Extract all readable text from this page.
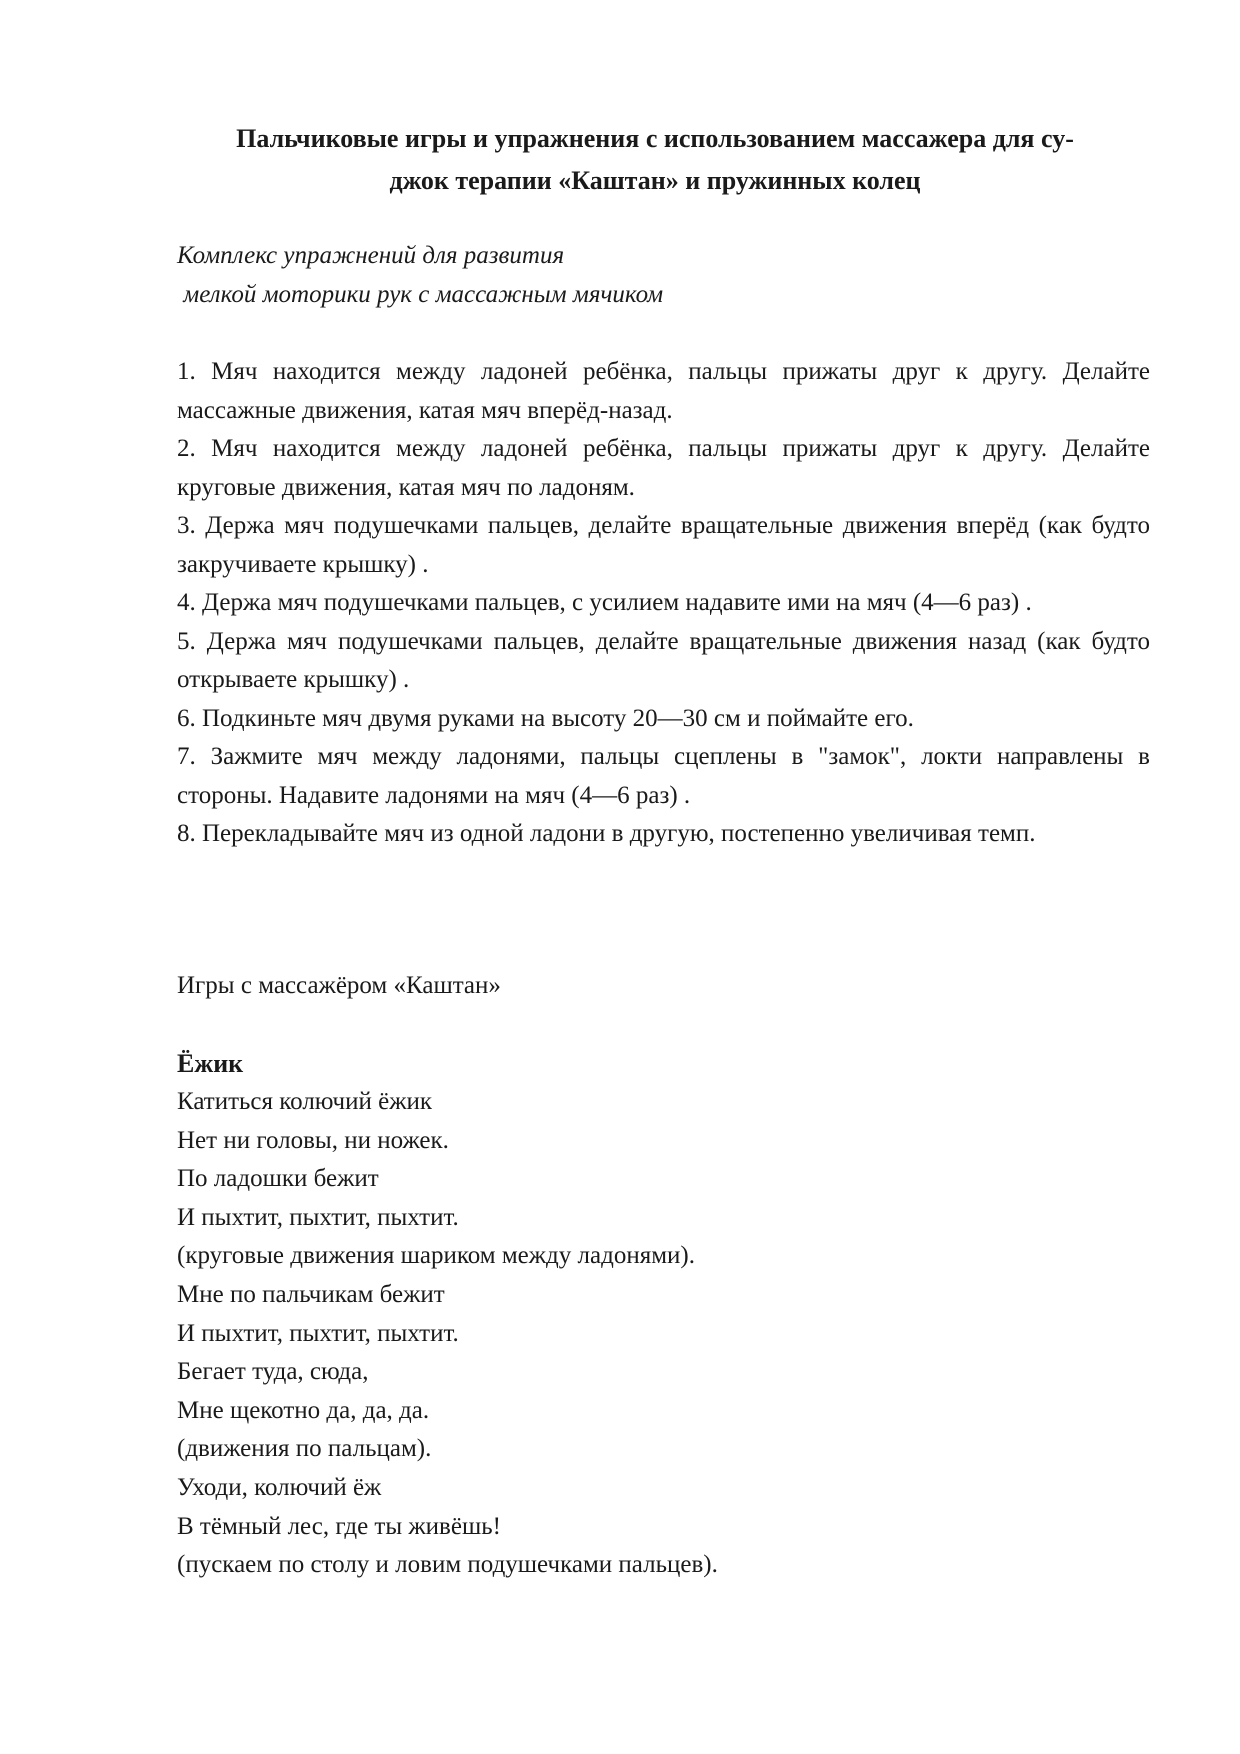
Пальчиковые игры и упражнения с использованием массажера для су-
джок терапии «Каштан» и пружинных колец

Комплекс упражнений для развития
мелкой моторики рук с массажным мячиком

1. Мяч находится между ладоней ребёнка, пальцы прижаты друг к другу. Делайте массажные движения, катая мяч вперёд-назад.
2. Мяч находится между ладоней ребёнка, пальцы прижаты друг к другу. Делайте круговые движения, катая мяч по ладоням.
3. Держа мяч подушечками пальцев, делайте вращательные движения вперёд (как будто закручиваете крышку) .
4. Держа мяч подушечками пальцев, с усилием надавите ими на мяч (4—6 раз) .
5. Держа мяч подушечками пальцев, делайте вращательные движения назад (как будто открываете крышку) .
6. Подкиньте мяч двумя руками на высоту 20—30 см и поймайте его.
7. Зажмите мяч между ладонями, пальцы сцеплены в "замок", локти направлены в стороны. Надавите ладонями на мяч (4—6 раз) .
8. Перекладывайте мяч из одной ладони в другую, постепенно увеличивая темп.

Игры с массажёром «Каштан»

Ёжик
Катиться колючий ёжик
Нет ни головы, ни ножек.
По ладошки бежит
И пыхтит, пыхтит, пыхтит.
(круговые движения шариком между ладонями).
Мне по пальчикам бежит
И пыхтит, пыхтит, пыхтит.
Бегает туда, сюда,
Мне щекотно да, да, да.
(движения по пальцам).
Уходи, колючий ёж
В тёмный лес, где ты живёшь!
(пускаем по столу и ловим подушечками пальцев).
